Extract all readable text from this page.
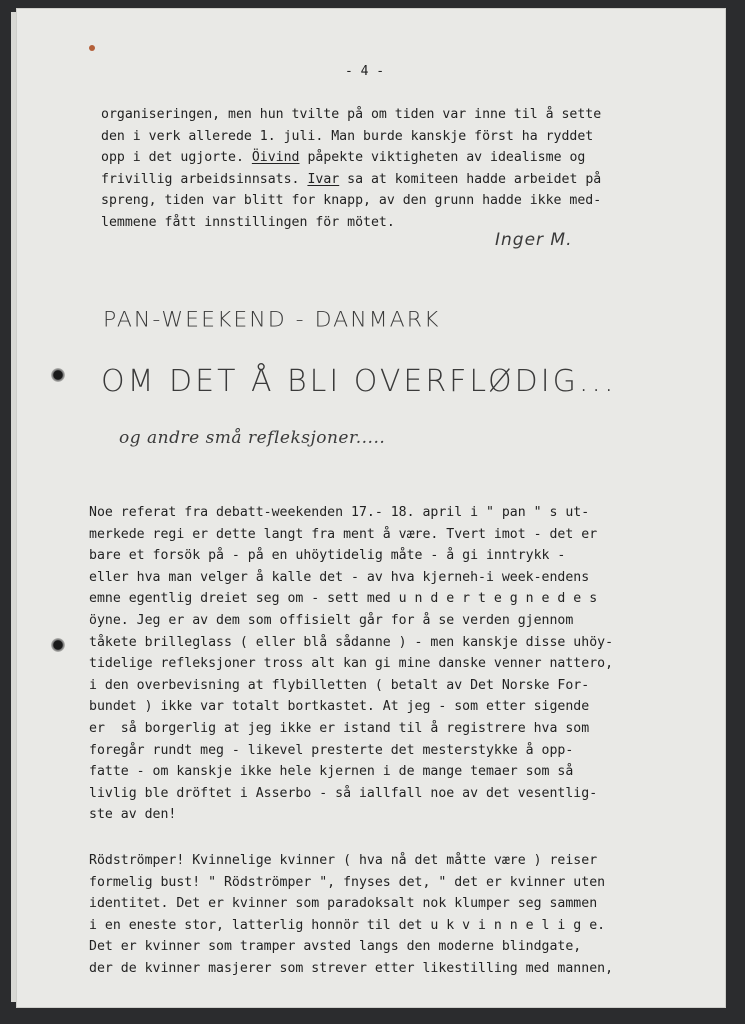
- 4 -
organiseringen, men hun tvilte på om tiden var inne til å sette
den i verk allerede 1. juli. Man burde kanskje först ha ryddet
opp i det ugjorte. Öivind påpekte viktigheten av idealisme og
frivillig arbeidsinnsats. Ivar sa at komiteen hadde arbeidet på
spreng, tiden var blitt for knapp, av den grunn hadde ikke med-
lemmene fått innstillingen för mötet.
Inger M.
PAN-WEEKEND - DANMARK
OM DET Å BLI OVERFLØDIG...
og andre små refleksjoner.....
Noe referat fra debatt-weekenden 17.- 18. april i " pan " s ut-
merkede regi er dette langt fra ment å være. Tvert imot - det er
bare et forsök på - på en uhöytidelig måte - å gi inntrykk -
eller hva man velger å kalle det - av hva kjerneh-i week-endens
emne egentlig dreiet seg om - sett med u n d e r t e g n e d e s
öyne. Jeg er av dem som offisielt går for å se verden gjennom
tåkete brilleglass ( eller blå sådanne ) - men kanskje disse uhöy-
tidelige refleksjoner tross alt kan gi mine danske venner nattero,
i den overbevisning at flybilletten ( betalt av Det Norske For-
bundet ) ikke var totalt bortkastet. At jeg - som etter sigende
er  så borgerlig at jeg ikke er istand til å registrere hva som
foregår rundt meg - likevel presterte det mesterstykke å opp-
fatte - om kanskje ikke hele kjernen i de mange temaer som så
livlig ble dröftet i Asserbo - så iallfall noe av det vesentlig-
ste av den!
Rödströmper! Kvinnelige kvinner ( hva nå det måtte være ) reiser
formelig bust! " Rödströmper ", fnyses det, " det er kvinner uten
identitet. Det er kvinner som paradoksalt nok klumper seg sammen
i en eneste stor, latterlig honnör til det u k v i n n e l i g e.
Det er kvinner som tramper avsted langs den moderne blindgate,
der de kvinner masjerer som strever etter likestilling med mannen,
